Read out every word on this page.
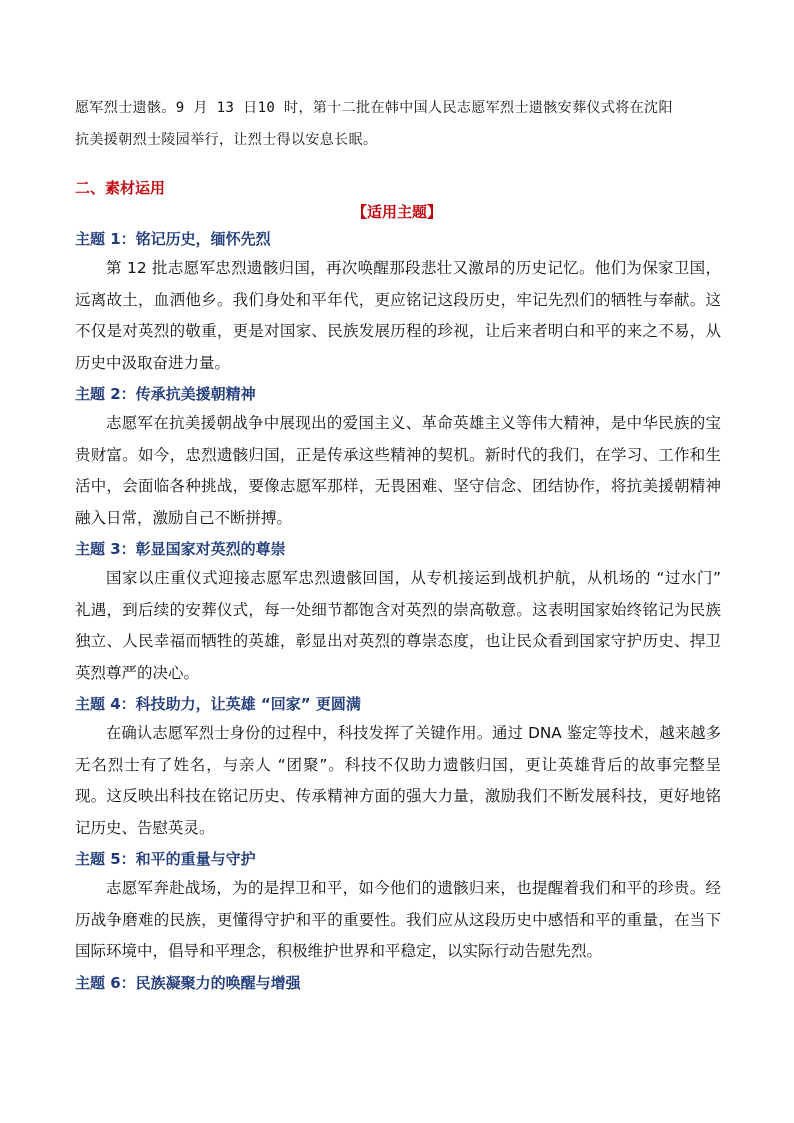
愿军烈士遗骸。9 月 13 日10 时，第十二批在韩中国人民志愿军烈士遗骸安葬仪式将在沈阳

抗美援朝烈士陵园举行，让烈士得以安息长眠。

二、素材运用
【适用主题】
主题 1：铭记历史，缅怀先烈
第 12 批志愿军忠烈遗骸归国，再次唤醒那段悲壮又激昂的历史记忆。他们为保家卫国，
远离故土，血洒他乡。我们身处和平年代，更应铭记这段历史，牢记先烈们的牺牲与奉献。这
不仅是对英烈的敬重，更是对国家、民族发展历程的珍视，让后来者明白和平的来之不易，从
历史中汲取奋进力量。
主题 2：传承抗美援朝精神
志愿军在抗美援朝战争中展现出的爱国主义、革命英雄主义等伟大精神，是中华民族的宝
贵财富。如今，忠烈遗骸归国，正是传承这些精神的契机。新时代的我们，在学习、工作和生
活中，会面临各种挑战，要像志愿军那样，无畏困难、坚守信念、团结协作，将抗美援朝精神
融入日常，激励自己不断拼搏。
主题 3：彰显国家对英烈的尊崇
国家以庄重仪式迎接志愿军忠烈遗骸回国，从专机接运到战机护航，从机场的 “过水门”
礼遇，到后续的安葬仪式，每一处细节都饱含对英烈的崇高敬意。这表明国家始终铭记为民族
独立、人民幸福而牺牲的英雄，彰显出对英烈的尊崇态度，也让民众看到国家守护历史、捍卫
英烈尊严的决心。
主题 4：科技助力，让英雄 “回家” 更圆满
在确认志愿军烈士身份的过程中，科技发挥了关键作用。通过 DNA 鉴定等技术，越来越多
无名烈士有了姓名，与亲人 “团聚”。科技不仅助力遗骸归国，更让英雄背后的故事完整呈
现。这反映出科技在铭记历史、传承精神方面的强大力量，激励我们不断发展科技，更好地铭
记历史、告慰英灵。
主题 5：和平的重量与守护
志愿军奔赴战场，为的是捍卫和平，如今他们的遗骸归来，也提醒着我们和平的珍贵。经
历战争磨难的民族，更懂得守护和平的重要性。我们应从这段历史中感悟和平的重量，在当下
国际环境中，倡导和平理念，积极维护世界和平稳定，以实际行动告慰先烈。
主题 6：民族凝聚力的唤醒与增强
